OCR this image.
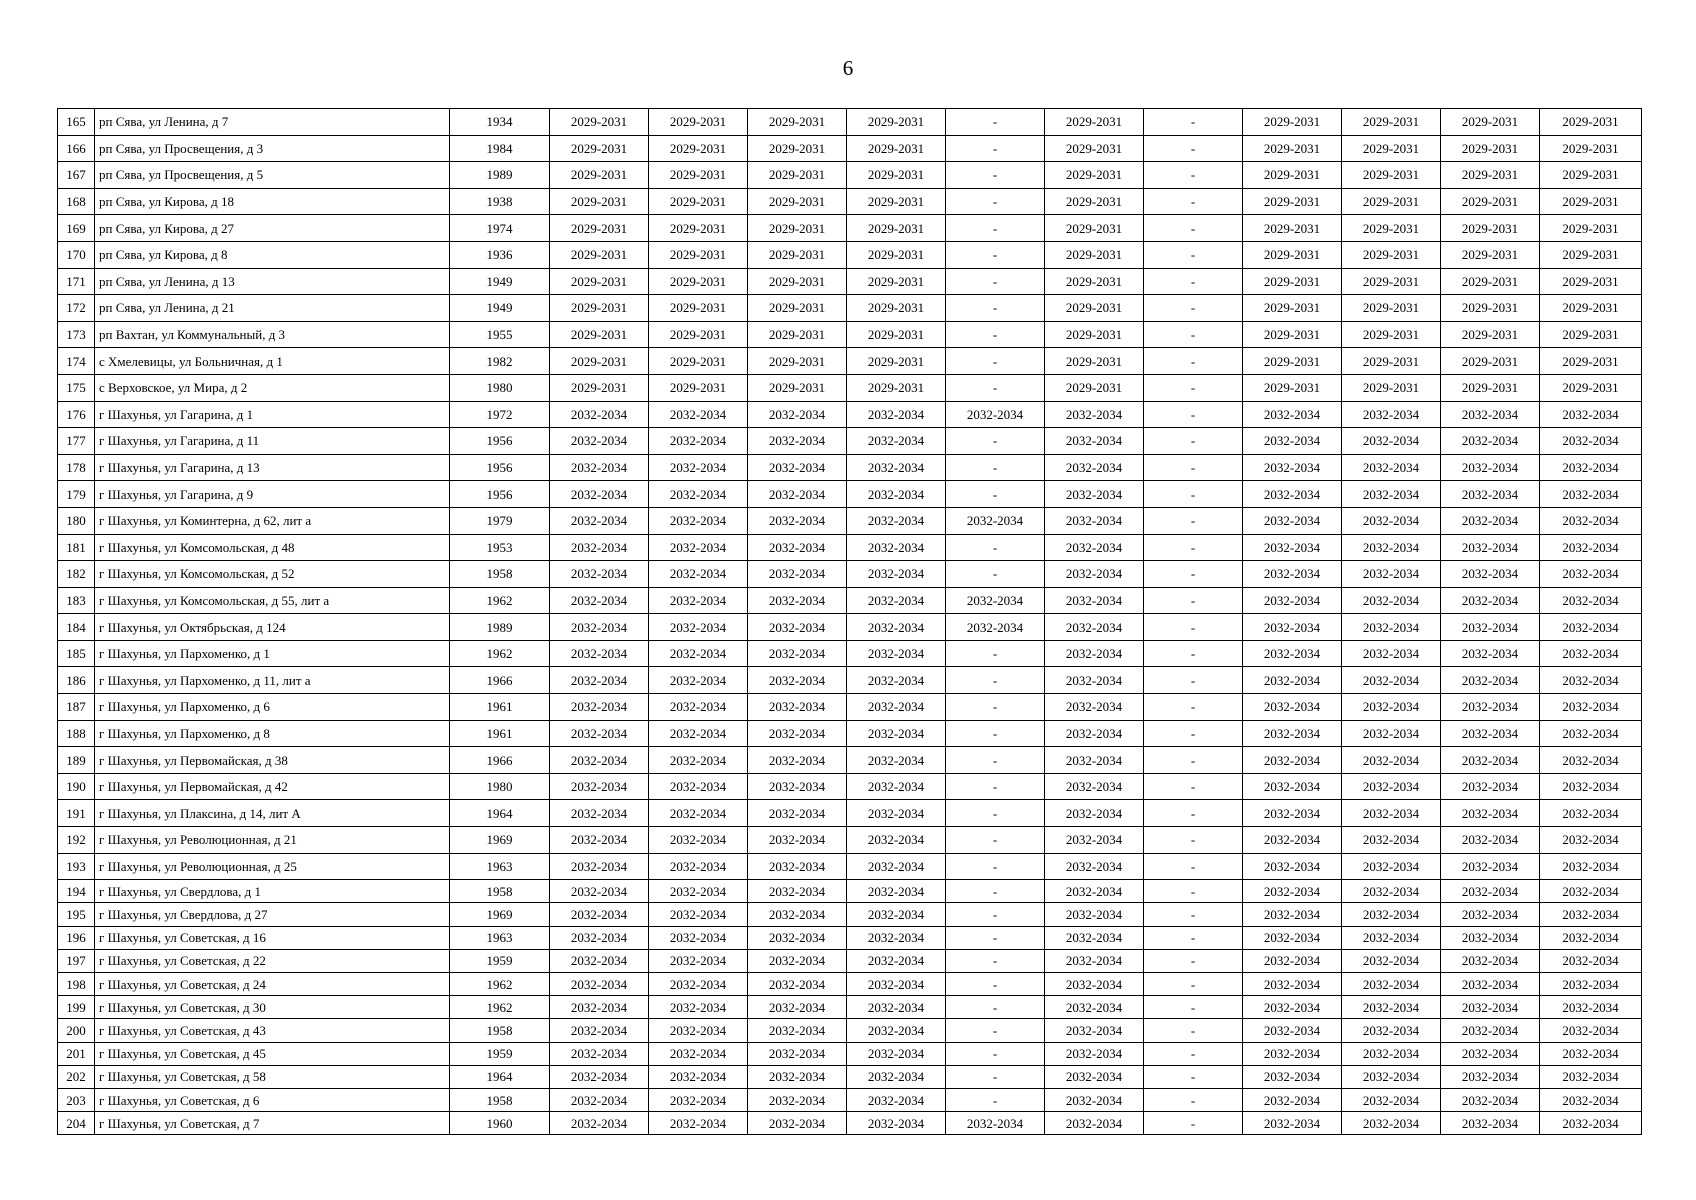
6
165	рп Сява, ул Ленина, д 7	1934	2029-2031	2029-2031	2029-2031	2029-2031	-	2029-2031	-	2029-2031	2029-2031	2029-2031	2029-2031
166	рп Сява, ул Просвещения, д 3	1984	2029-2031	2029-2031	2029-2031	2029-2031	-	2029-2031	-	2029-2031	2029-2031	2029-2031	2029-2031
167	рп Сява, ул Просвещения, д 5	1989	2029-2031	2029-2031	2029-2031	2029-2031	-	2029-2031	-	2029-2031	2029-2031	2029-2031	2029-2031
168	рп Сява, ул Кирова, д 18	1938	2029-2031	2029-2031	2029-2031	2029-2031	-	2029-2031	-	2029-2031	2029-2031	2029-2031	2029-2031
169	рп Сява, ул Кирова, д 27	1974	2029-2031	2029-2031	2029-2031	2029-2031	-	2029-2031	-	2029-2031	2029-2031	2029-2031	2029-2031
170	рп Сява, ул Кирова, д 8	1936	2029-2031	2029-2031	2029-2031	2029-2031	-	2029-2031	-	2029-2031	2029-2031	2029-2031	2029-2031
171	рп Сява, ул Ленина, д 13	1949	2029-2031	2029-2031	2029-2031	2029-2031	-	2029-2031	-	2029-2031	2029-2031	2029-2031	2029-2031
172	рп Сява, ул Ленина, д 21	1949	2029-2031	2029-2031	2029-2031	2029-2031	-	2029-2031	-	2029-2031	2029-2031	2029-2031	2029-2031
173	рп Вахтан, ул Коммунальный, д 3	1955	2029-2031	2029-2031	2029-2031	2029-2031	-	2029-2031	-	2029-2031	2029-2031	2029-2031	2029-2031
174	с Хмелевицы, ул Больничная, д 1	1982	2029-2031	2029-2031	2029-2031	2029-2031	-	2029-2031	-	2029-2031	2029-2031	2029-2031	2029-2031
175	с Верховское, ул Мира, д 2	1980	2029-2031	2029-2031	2029-2031	2029-2031	-	2029-2031	-	2029-2031	2029-2031	2029-2031	2029-2031
176	г Шахунья, ул Гагарина, д 1	1972	2032-2034	2032-2034	2032-2034	2032-2034	2032-2034	2032-2034	-	2032-2034	2032-2034	2032-2034	2032-2034
177	г Шахунья, ул Гагарина, д 11	1956	2032-2034	2032-2034	2032-2034	2032-2034	-	2032-2034	-	2032-2034	2032-2034	2032-2034	2032-2034
178	г Шахунья, ул Гагарина, д 13	1956	2032-2034	2032-2034	2032-2034	2032-2034	-	2032-2034	-	2032-2034	2032-2034	2032-2034	2032-2034
179	г Шахунья, ул Гагарина, д 9	1956	2032-2034	2032-2034	2032-2034	2032-2034	-	2032-2034	-	2032-2034	2032-2034	2032-2034	2032-2034
180	г Шахунья, ул Коминтерна, д 62, лит а	1979	2032-2034	2032-2034	2032-2034	2032-2034	2032-2034	2032-2034	-	2032-2034	2032-2034	2032-2034	2032-2034
181	г Шахунья, ул Комсомольская, д 48	1953	2032-2034	2032-2034	2032-2034	2032-2034	-	2032-2034	-	2032-2034	2032-2034	2032-2034	2032-2034
182	г Шахунья, ул Комсомольская, д 52	1958	2032-2034	2032-2034	2032-2034	2032-2034	-	2032-2034	-	2032-2034	2032-2034	2032-2034	2032-2034
183	г Шахунья, ул Комсомольская, д 55, лит а	1962	2032-2034	2032-2034	2032-2034	2032-2034	2032-2034	2032-2034	-	2032-2034	2032-2034	2032-2034	2032-2034
184	г Шахунья, ул Октябрьская, д 124	1989	2032-2034	2032-2034	2032-2034	2032-2034	2032-2034	2032-2034	-	2032-2034	2032-2034	2032-2034	2032-2034
185	г Шахунья, ул Пархоменко, д 1	1962	2032-2034	2032-2034	2032-2034	2032-2034	-	2032-2034	-	2032-2034	2032-2034	2032-2034	2032-2034
186	г Шахунья, ул Пархоменко, д 11, лит а	1966	2032-2034	2032-2034	2032-2034	2032-2034	-	2032-2034	-	2032-2034	2032-2034	2032-2034	2032-2034
187	г Шахунья, ул Пархоменко, д 6	1961	2032-2034	2032-2034	2032-2034	2032-2034	-	2032-2034	-	2032-2034	2032-2034	2032-2034	2032-2034
188	г Шахунья, ул Пархоменко, д 8	1961	2032-2034	2032-2034	2032-2034	2032-2034	-	2032-2034	-	2032-2034	2032-2034	2032-2034	2032-2034
189	г Шахунья, ул Первомайская, д 38	1966	2032-2034	2032-2034	2032-2034	2032-2034	-	2032-2034	-	2032-2034	2032-2034	2032-2034	2032-2034
190	г Шахунья, ул Первомайская, д 42	1980	2032-2034	2032-2034	2032-2034	2032-2034	-	2032-2034	-	2032-2034	2032-2034	2032-2034	2032-2034
191	г Шахунья, ул Плаксина, д 14, лит А	1964	2032-2034	2032-2034	2032-2034	2032-2034	-	2032-2034	-	2032-2034	2032-2034	2032-2034	2032-2034
192	г Шахунья, ул Революционная, д 21	1969	2032-2034	2032-2034	2032-2034	2032-2034	-	2032-2034	-	2032-2034	2032-2034	2032-2034	2032-2034
193	г Шахунья, ул Революционная, д 25	1963	2032-2034	2032-2034	2032-2034	2032-2034	-	2032-2034	-	2032-2034	2032-2034	2032-2034	2032-2034
194	г Шахунья, ул Свердлова, д 1	1958	2032-2034	2032-2034	2032-2034	2032-2034	-	2032-2034	-	2032-2034	2032-2034	2032-2034	2032-2034
195	г Шахунья, ул Свердлова, д 27	1969	2032-2034	2032-2034	2032-2034	2032-2034	-	2032-2034	-	2032-2034	2032-2034	2032-2034	2032-2034
196	г Шахунья, ул Советская, д 16	1963	2032-2034	2032-2034	2032-2034	2032-2034	-	2032-2034	-	2032-2034	2032-2034	2032-2034	2032-2034
197	г Шахунья, ул Советская, д 22	1959	2032-2034	2032-2034	2032-2034	2032-2034	-	2032-2034	-	2032-2034	2032-2034	2032-2034	2032-2034
198	г Шахунья, ул Советская, д 24	1962	2032-2034	2032-2034	2032-2034	2032-2034	-	2032-2034	-	2032-2034	2032-2034	2032-2034	2032-2034
199	г Шахунья, ул Советская, д 30	1962	2032-2034	2032-2034	2032-2034	2032-2034	-	2032-2034	-	2032-2034	2032-2034	2032-2034	2032-2034
200	г Шахунья, ул Советская, д 43	1958	2032-2034	2032-2034	2032-2034	2032-2034	-	2032-2034	-	2032-2034	2032-2034	2032-2034	2032-2034
201	г Шахунья, ул Советская, д 45	1959	2032-2034	2032-2034	2032-2034	2032-2034	-	2032-2034	-	2032-2034	2032-2034	2032-2034	2032-2034
202	г Шахунья, ул Советская, д 58	1964	2032-2034	2032-2034	2032-2034	2032-2034	-	2032-2034	-	2032-2034	2032-2034	2032-2034	2032-2034
203	г Шахунья, ул Советская, д 6	1958	2032-2034	2032-2034	2032-2034	2032-2034	-	2032-2034	-	2032-2034	2032-2034	2032-2034	2032-2034
204	г Шахунья, ул Советская, д 7	1960	2032-2034	2032-2034	2032-2034	2032-2034	2032-2034	2032-2034	-	2032-2034	2032-2034	2032-2034	2032-2034
